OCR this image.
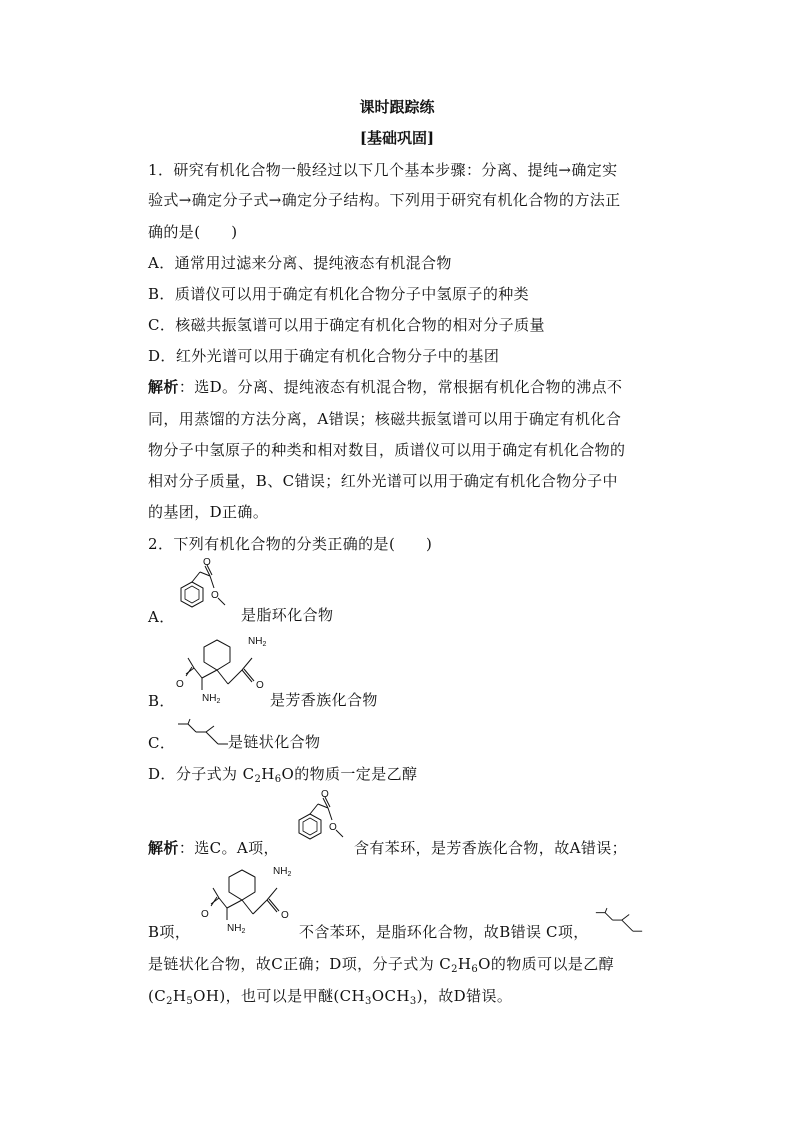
课时跟踪练
[基础巩固]
1．研究有机化合物一般经过以下几个基本步骤：分离、提纯→确定实
验式→确定分子式→确定分子结构。下列用于研究有机化合物的方法正
确的是(　　)
A．通常用过滤来分离、提纯液态有机混合物
B．质谱仪可以用于确定有机化合物分子中氢原子的种类
C．核磁共振氢谱可以用于确定有机化合物的相对分子质量
D．红外光谱可以用于确定有机化合物分子中的基团
解析：选D。分离、提纯液态有机混合物，常根据有机化合物的沸点不
同，用蒸馏的方法分离，A错误；核磁共振氢谱可以用于确定有机化合
物分子中氢原子的种类和相对数目，质谱仪可以用于确定有机化合物的
相对分子质量，B、C错误；红外光谱可以用于确定有机化合物分子中
的基团，D正确。
2．下列有机化合物的分类正确的是(　　)
A．
O
O
是脂环化合物
B．
$NH_2$
O
O
$NH_2$	是芳香族化合物
C．	是链状化合物
D．分子式为 $C_2H_6O$的物质一定是乙醇
解析：选C。A项，
O
O
含有苯环，是芳香族化合物，故A错误；
B项，
$NH_2$
O
O
$NH_2$	不含苯环，是脂环化合物，故B错误 C项，
是链状化合物，故C正确；D项，分子式为 $C_2H_6O$的物质可以是乙醇
$(C_2H_5OH)$，也可以是甲醚$(CH_3OCH_3)$，故D错误。
